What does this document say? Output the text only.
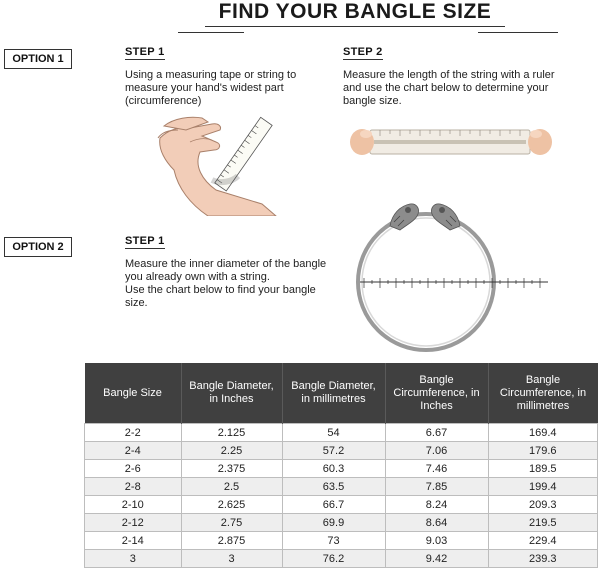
FIND YOUR BANGLE SIZE
OPTION 1
STEP 1
Using a measuring tape or string to
measure your hand's widest part
(circumference)
STEP 2
Measure the length of the string with a ruler
and use the chart below to determine your
bangle size.
OPTION 2	STEP 1
Measure the inner diameter of the bangle
you already own with a string.
Use the chart below to find your bangle
size.
Bangle Size	Bangle Diameter, in Inches	Bangle Diameter, in millimetres	Bangle Circumference, in Inches	Bangle Circumference, in millimetres
2-2	2.125	54	6.67	169.4
2-4	2.25	57.2	7.06	179.6
2-6	2.375	60.3	7.46	189.5
2-8	2.5	63.5	7.85	199.4
2-10	2.625	66.7	8.24	209.3
2-12	2.75	69.9	8.64	219.5
2-14	2.875	73	9.03	229.4
3	3	76.2	9.42	239.3
